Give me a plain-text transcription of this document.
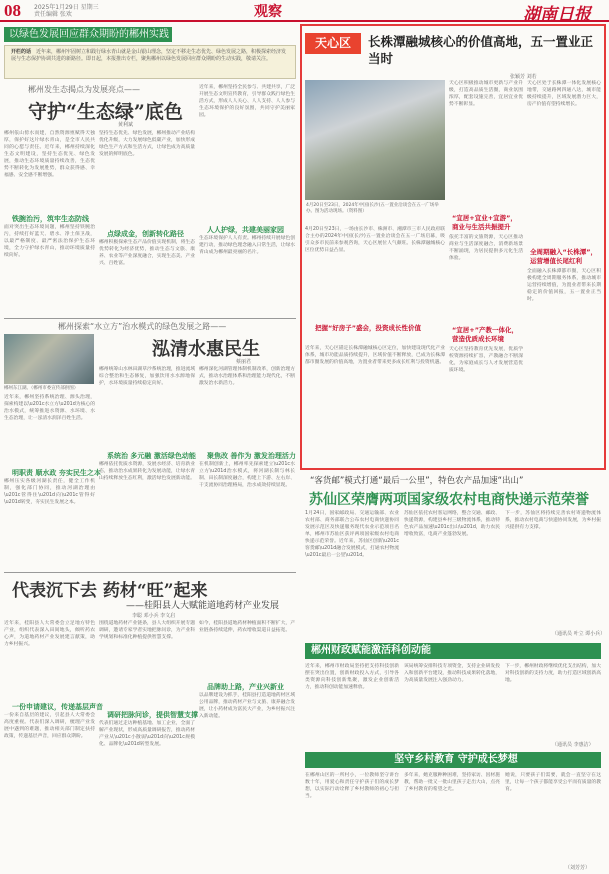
08 2025年1月29日 星期三
责任编辑 张欢	观察	湖南日报
以绿色发展回应群众期盼的郴州实践
开栏的话　 近年来，郴州牢固树立和践行绿水青山就是金山银山理念，坚定不移走生态优先、绿色发展之路，积极探索经济发展与生态保护协调共进的新路径。即日起，本报推出专栏，聚焦郴州以绿色发展回应群众期盼的生动实践，敬请关注。
郴州发生态揭点为发展亮点——
守护“生态绿”底色
黄利斌
郴州依山傍水而建，自然资源禀赋得天独厚，保护好这片绿水青山，是全市人民共同的心愿与责任。近年来，郴州持续深化生态文明建设，坚持生态优先、绿色发展，推动生态环境质量持续改善，生态优势不断转化为发展胜势，群众获得感、幸福感、安全感不断增强。
铁腕治污，筑牢生态防线
面对突出生态环境问题，郴州坚持铁腕治污，持续打好蓝天、碧水、净土保卫战，以最严格制度、最严密法治保护生态环境，全力守护绿水青山，推动环境质量持续向好。
坚持生态优先、绿色发展，郴州推动产业结构优化升级，大力发展绿色低碳产业，加快形成绿色生产方式和生活方式，让绿色成为高质量发展的鲜明底色。
点绿成金，创新转化路径
郴州积极探索生态产品价值实现机制，将生态优势转化为经济优势，推动生态与文旅、康养、农业等产业深度融合，实现生态美、产业兴、百姓富。
近年来，郴州坚持全民参与、共建共享，广泛开展生态文明宣传教育，引导群众践行绿色生活方式，形成人人关心、人人支持、人人参与生态环境保护的良好氛围，共同守护美丽家园。
人人护绿，共建美丽家园
生态环境保护人人有责。郴州持续开展绿色创建行动，推动绿色理念融入日常生活，让绿水青山成为郴州最亮丽的名片。
郴州探索“水立方”治水模式的绿色发展之路——
泓清水惠民生
蔡丽君
郴州东江湖。（郴州市委宣传部供图）
近年来，郴州坚持系统治理、源头治理，探索构建以\u201c水立方\u201d为核心的治水模式，统筹推进水资源、水环境、水生态治理，让一泓清水润泽百姓生活。
明职责 顺水政 夯实民生之本
郴州压实各级河湖长责任，健全工作机制，强化部门协同，推动河湖治理由\u201c管得住\u201d向\u201c管得好\u201d转变，夯实民生发展之本。
郴州统筹山水林田湖草沙系统治理，推进流域综合整治和生态修复，加强饮用水水源地保护，水环境质量持续稳定向好。
系统治 多元融 激活绿色动能
郴州依托优质水资源，发展水经济、培育新业态，推动治水成果转化为发展动能，让绿水青山持续释放生态红利，激活绿色发展新动能。
郴州深化河湖管理体制机制改革，创新治理方式，推动水治理体系和治理能力现代化，不断激发治水新活力。
聚焦改 善作为 激发治理活力
在机制创新上，郴州率先探索建立\u201c水立方\u201d治水模式，将河湖长制与林长制、田长制深度融合，构建上下游、左右岸、干支流协同治理格局，治水成效持续显现。
代表沉下去 药材“旺”起来
——桂阳县人大赋能道地药材产业发展
李聪 邓小兵 李文启
近年来，桂阳县人大常委会立足地方特色产业，组织代表深入田间地头，倾听药农心声，为道地药材产业发展建言献策，助力乡村振兴。
一份申请建议，传递基层声音
一份来自基层的建议，引起县人大常委会高度重视。代表们深入调研，梳理产业发展中遇到的难题，推动相关部门制定扶持政策，传递基层声音，回应群众期盼。
围绕道地药材产业链条，县人大组织开展专题调研，邀请专家学者实地把脉问诊，为产业科学规划和标准化种植提供智慧支撑。
调研把脉问诊，提供智慧支撑
代表们通过走访种植基地、加工企业，全面了解产业现状，形成高质量调研报告，推动药材产业从\u201c小散弱\u201d向\u201c规模化、品牌化\u201d转型发展。
品牌助上路，产业兴新业
如今，桂阳县道地药材种植面积不断扩大，产业链条持续延伸，药农增收渠道日益拓宽。
以品牌建设为抓手，桂阳县打造道地药材区域公用品牌，推动药材产业与文旅、康养融合发展，让小药材成为富民大产业，为乡村振兴注入新动能。
天心区	长株潭融城核心的价值高地，五一置业正当时
张颖芳 刘若
4月20日至23日，2024年中国(长沙)五一置业洽谈会在五一广场举办。图为活动现场。（资料图）
4月20日至23日，一场由长沙市、株洲市、湘潭市三市人民政府联合主办的2024年中国(长沙)五一置业洽谈会在五一广场启幕，吸引众多市民前来参观咨询，天心区展位人气颇旺。长株潭融城核心区位优势日益凸显。
把握“好房子”盛会，投资成长性价值
近年来，天心区锚定长株潭融城核心区定位，加快建设现代化产业体系，城市功能品质持续提升，区域价值不断释放，已成为长株潭都市圈发展的价值高地，为置业者带来更多成长红利与投资机遇。
天心区积极推动城市更新与产业升级，打造高品质生活圈，商业氛围浓厚，配套设施完善，宜居宜业优势不断彰显。
“宜居+宜业+宜游”，商业与生活共振提升
依托丰富的文旅资源，天心区推动商业与生活深度融合，消费新场景不断涌现，为居民提供多元化生活体验。
“宜居+”产教一体化，营造优质成长环境
天心区坚持教育优先发展，优质学校资源持续扩容，产教融合不断深化，为家庭成长与人才发展营造优质环境。
天心区处于长株潭一体化发展核心地带，交通路网四通八达，城市能级持续提升，区域发展潜力巨大，房产价值有望持续增长。
全周期融入“长株潭”，运营增值长尾红利
全面融入长株潭都市圈，天心区积极构建全周期服务体系，推动城市运营持续增值，为置业者带来长期稳定的价值回报，五一置业正当时。
“客货邮”模式打通“最后一公里”，特色农产品加速“出山”
苏仙区荣膺两项国家级农村电商快递示范荣誉
1月24日，国家邮政局、交通运输部、农业农村部、商务部联合公布农村电商快递协同发展示范区及快递服务现代农业示范项目名单，郴州市苏仙区获评两项国家级农村电商快递示范荣誉。近年来，苏仙区创新\u201c客货邮\u201d融合发展模式，打通农村物流\u201c最后一公里\u201d。
苏仙区依托农村客运网络，整合交通、邮政、快递资源，构建县乡村三级物流体系，推动特色农产品加速\u201c出山\u201d，助力农民增收致富，电商产业蓬勃发展。
下一步，苏仙区将持续完善农村寄递物流体系，推动农村电商与快递协同发展，为乡村振兴提供有力支撑。
（通讯员 叶立 谭小兵）
郴州财政赋能激活科创动能
近年来，郴州市财政局坚持把支持科技创新摆在突出位置，创新财政投入方式，引导各类资源向科技创新集聚，激发企业创新活力，推动科创动能加速释放。
该局统筹安排科技专项资金，支持企业研发投入和创新平台建设，推动科技成果转化落地，为高质量发展注入强劲动力。
下一步，郴州财政将继续优化支出结构，加大对科技创新的支持力度，助力打造区域创新高地。
（通讯员 李惠洁）
坚守乡村教育 守护成长梦想
在郴州山区的一所村小，一位教师坚守讲台数十年，用爱心和责任守护孩子们的成长梦想，以实际行动诠释了乡村教师的初心与担当。
多年来，她克服种种困难，坚持家访、因材施教，帮助一批又一批山里孩子走出大山，点亮了乡村教育的希望之光。
她说，只要孩子们需要，就会一直坚守在这里，让每一个孩子都能享受公平而有质量的教育。
（刘芳芳）
